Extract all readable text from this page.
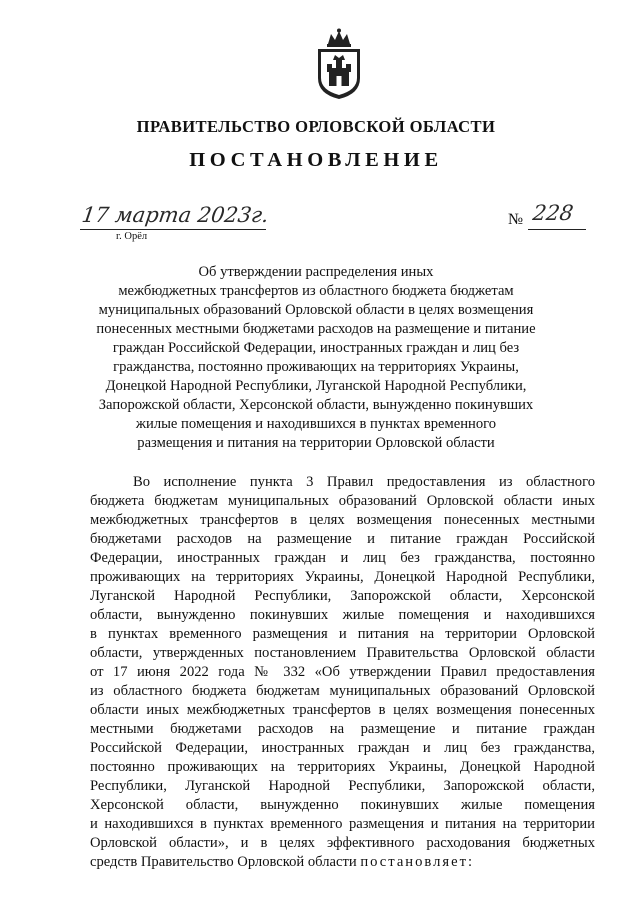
ПРАВИТЕЛЬСТВО ОРЛОВСКОЙ ОБЛАСТИ
ПОСТАНОВЛЕНИЕ
17 марта 2023г.
г. Орёл
№ 228
Об утверждении распределения иных
межбюджетных трансфертов из областного бюджета бюджетам
муниципальных образований Орловской области в целях возмещения
понесенных местными бюджетами расходов на размещение и питание
граждан Российской Федерации, иностранных граждан и лиц без
гражданства, постоянно проживающих на территориях Украины,
Донецкой Народной Республики, Луганской Народной Республики,
Запорожской области, Херсонской области, вынужденно покинувших
жилые помещения и находившихся в пунктах временного
размещения и питания на территории Орловской области
Во исполнение пункта 3 Правил предоставления из областного
бюджета бюджетам муниципальных образований Орловской области иных
межбюджетных трансфертов в целях возмещения понесенных местными
бюджетами расходов на размещение и питание граждан Российской
Федерации, иностранных граждан и лиц без гражданства, постоянно
проживающих на территориях Украины, Донецкой Народной Республики,
Луганской Народной Республики, Запорожской области, Херсонской
области, вынужденно покинувших жилые помещения и находившихся
в пунктах временного размещения и питания на территории Орловской
области, утвержденных постановлением Правительства Орловской области
от 17 июня 2022 года № 332 «Об утверждении Правил предоставления
из областного бюджета бюджетам муниципальных образований Орловской
области иных межбюджетных трансфертов в целях возмещения понесенных
местными бюджетами расходов на размещение и питание граждан
Российской Федерации, иностранных граждан и лиц без гражданства,
постоянно проживающих на территориях Украины, Донецкой Народной
Республики, Луганской Народной Республики, Запорожской области,
Херсонской области, вынужденно покинувших жилые помещения
и находившихся в пунктах временного размещения и питания на территории
Орловской области», и в целях эффективного расходования бюджетных
средств Правительство Орловской области постановляет:
